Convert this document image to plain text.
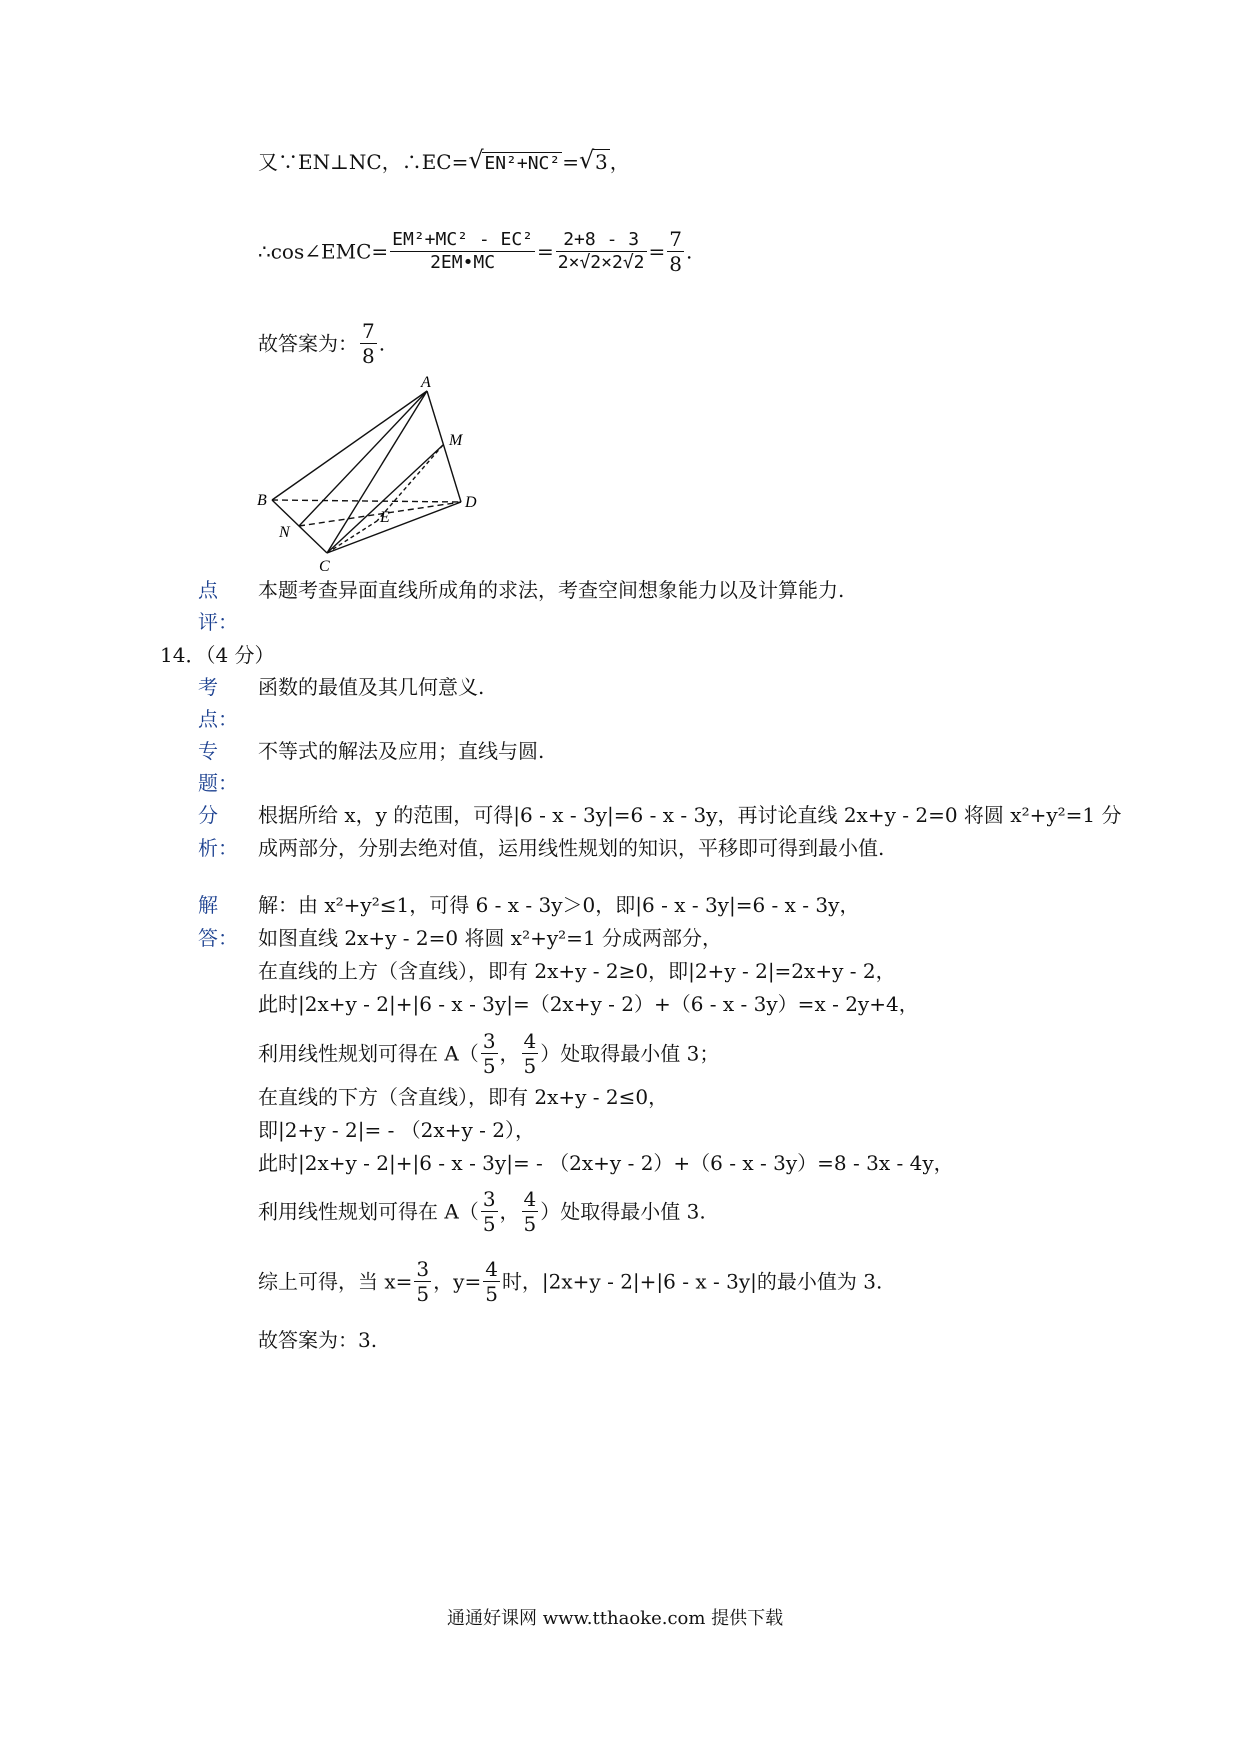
又∵EN⊥NC，∴EC= √ EN²+NC² = √ 3 ，
∴cos∠EMC= $\frac{\text{EM²+MC² - EC²}}{2EM•MC} = \frac{2+8 - 3}{2\times√2\times 2√2} = \frac{7}{8}$ .
故答案为： $\frac{7}{8}$ .
A
M
B	D
E
N
C
点
评：
本题考查异面直线所成角的求法，考查空间想象能力以及计算能力.
14．（4 分）
考
点：
函数的最值及其几何意义.
专
题：
不等式的解法及应用；直线与圆.
分
析：
根据所给 x，y 的范围，可得|6 - x - 3y|=6 - x - 3y，再讨论直线 2x+y - 2=0 将圆 x²+y²=1 分
成两部分，分别去绝对值，运用线性规划的知识，平移即可得到最小值.
解
答：
解：由 x²+y²≤1，可得 6 - x - 3y＞0，即|6 - x - 3y|=6 - x - 3y，
如图直线 2x+y - 2=0 将圆 x²+y²=1 分成两部分，
在直线的上方（含直线），即有 2x+y - 2≥0，即|2+y - 2|=2x+y - 2，
此时|2x+y - 2|+|6 - x - 3y|=（2x+y - 2）+（6 - x - 3y）=x - 2y+4，
利用线性规划可得在 $A( \frac{3}{5}$ ， $\frac{4}{5}$ ）处取得最小值 3；
在直线的下方（含直线），即有 2x+y - 2≤0，
即|2+y - 2|= - （2x+y - 2），
此时|2x+y - 2|+|6 - x - 3y|= - （2x+y - 2）+（6 - x - 3y）=8 - 3x - 4y，
利用线性规划可得在 $A( \frac{3}{5}$ ， $\frac{4}{5}$ ）处取得最小值 3.
综上可得，当 $x= \frac{3}{5}$ ，$y= \frac{4}{5}$ 时，|2x+y - 2|+|6 - x - 3y|的最小值为 3.
故答案为：3.
通通好课网 www.tthaoke.com 提供下载
